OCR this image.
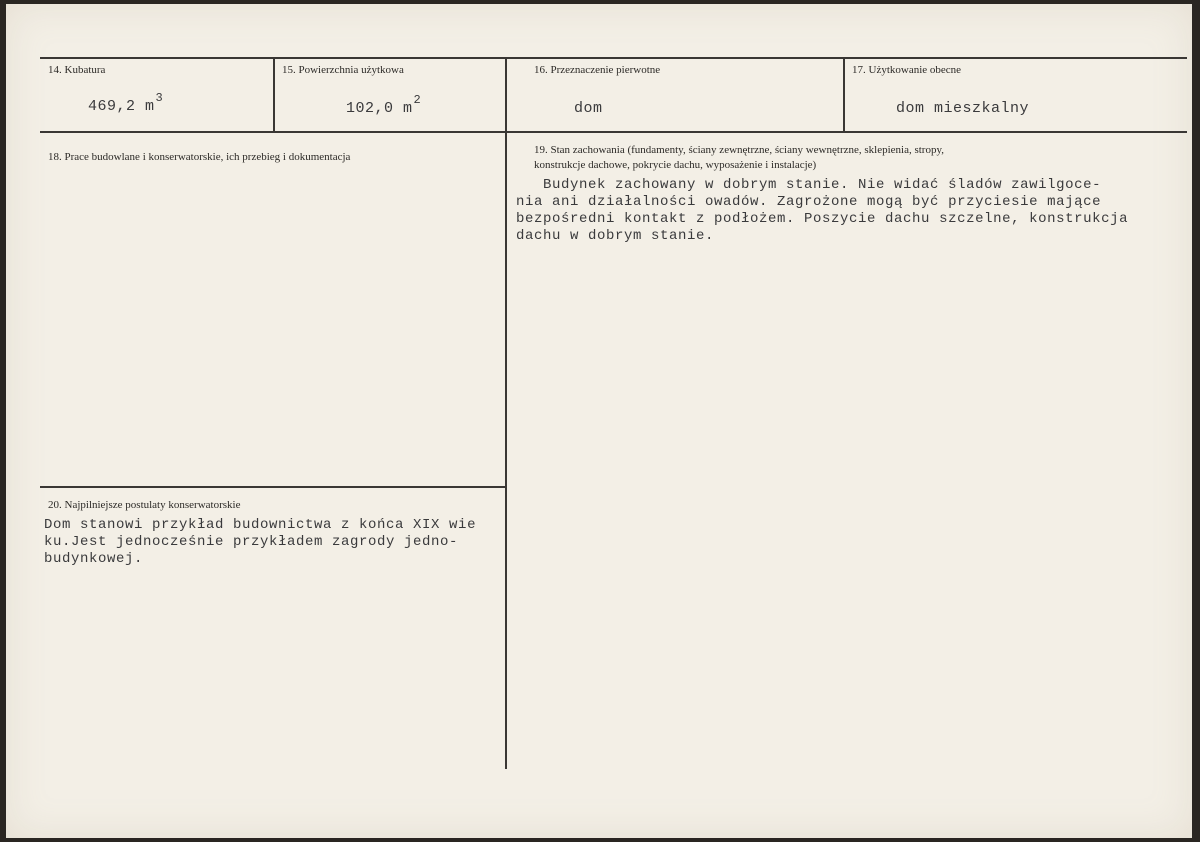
14. Kubatura
469,2 $m^3$
15. Powierzchnia użytkowa
102,0 $m^2$
16. Przeznaczenie pierwotne
dom
17. Użytkowanie obecne
dom mieszkalny
18. Prace budowlane i konserwatorskie, ich przebieg i dokumentacja
19. Stan zachowania (fundamenty, ściany zewnętrzne, ściany wewnętrzne, sklepienia, stropy,
konstrukcje dachowe, pokrycie dachu, wyposażenie i instalacje)
Budynek zachowany w dobrym stanie. Nie widać śladów zawilgoce-
nia ani działalności owadów. Zagrożone mogą być przyciesie mające
bezpośredni kontakt z podłożem. Poszycie dachu szczelne, konstrukcja
dachu w dobrym stanie.
20. Najpilniejsze postulaty konserwatorskie
Dom stanowi przykład budownictwa z końca XIX wie
ku.Jest jednocześnie przykładem zagrody jedno-
budynkowej.
